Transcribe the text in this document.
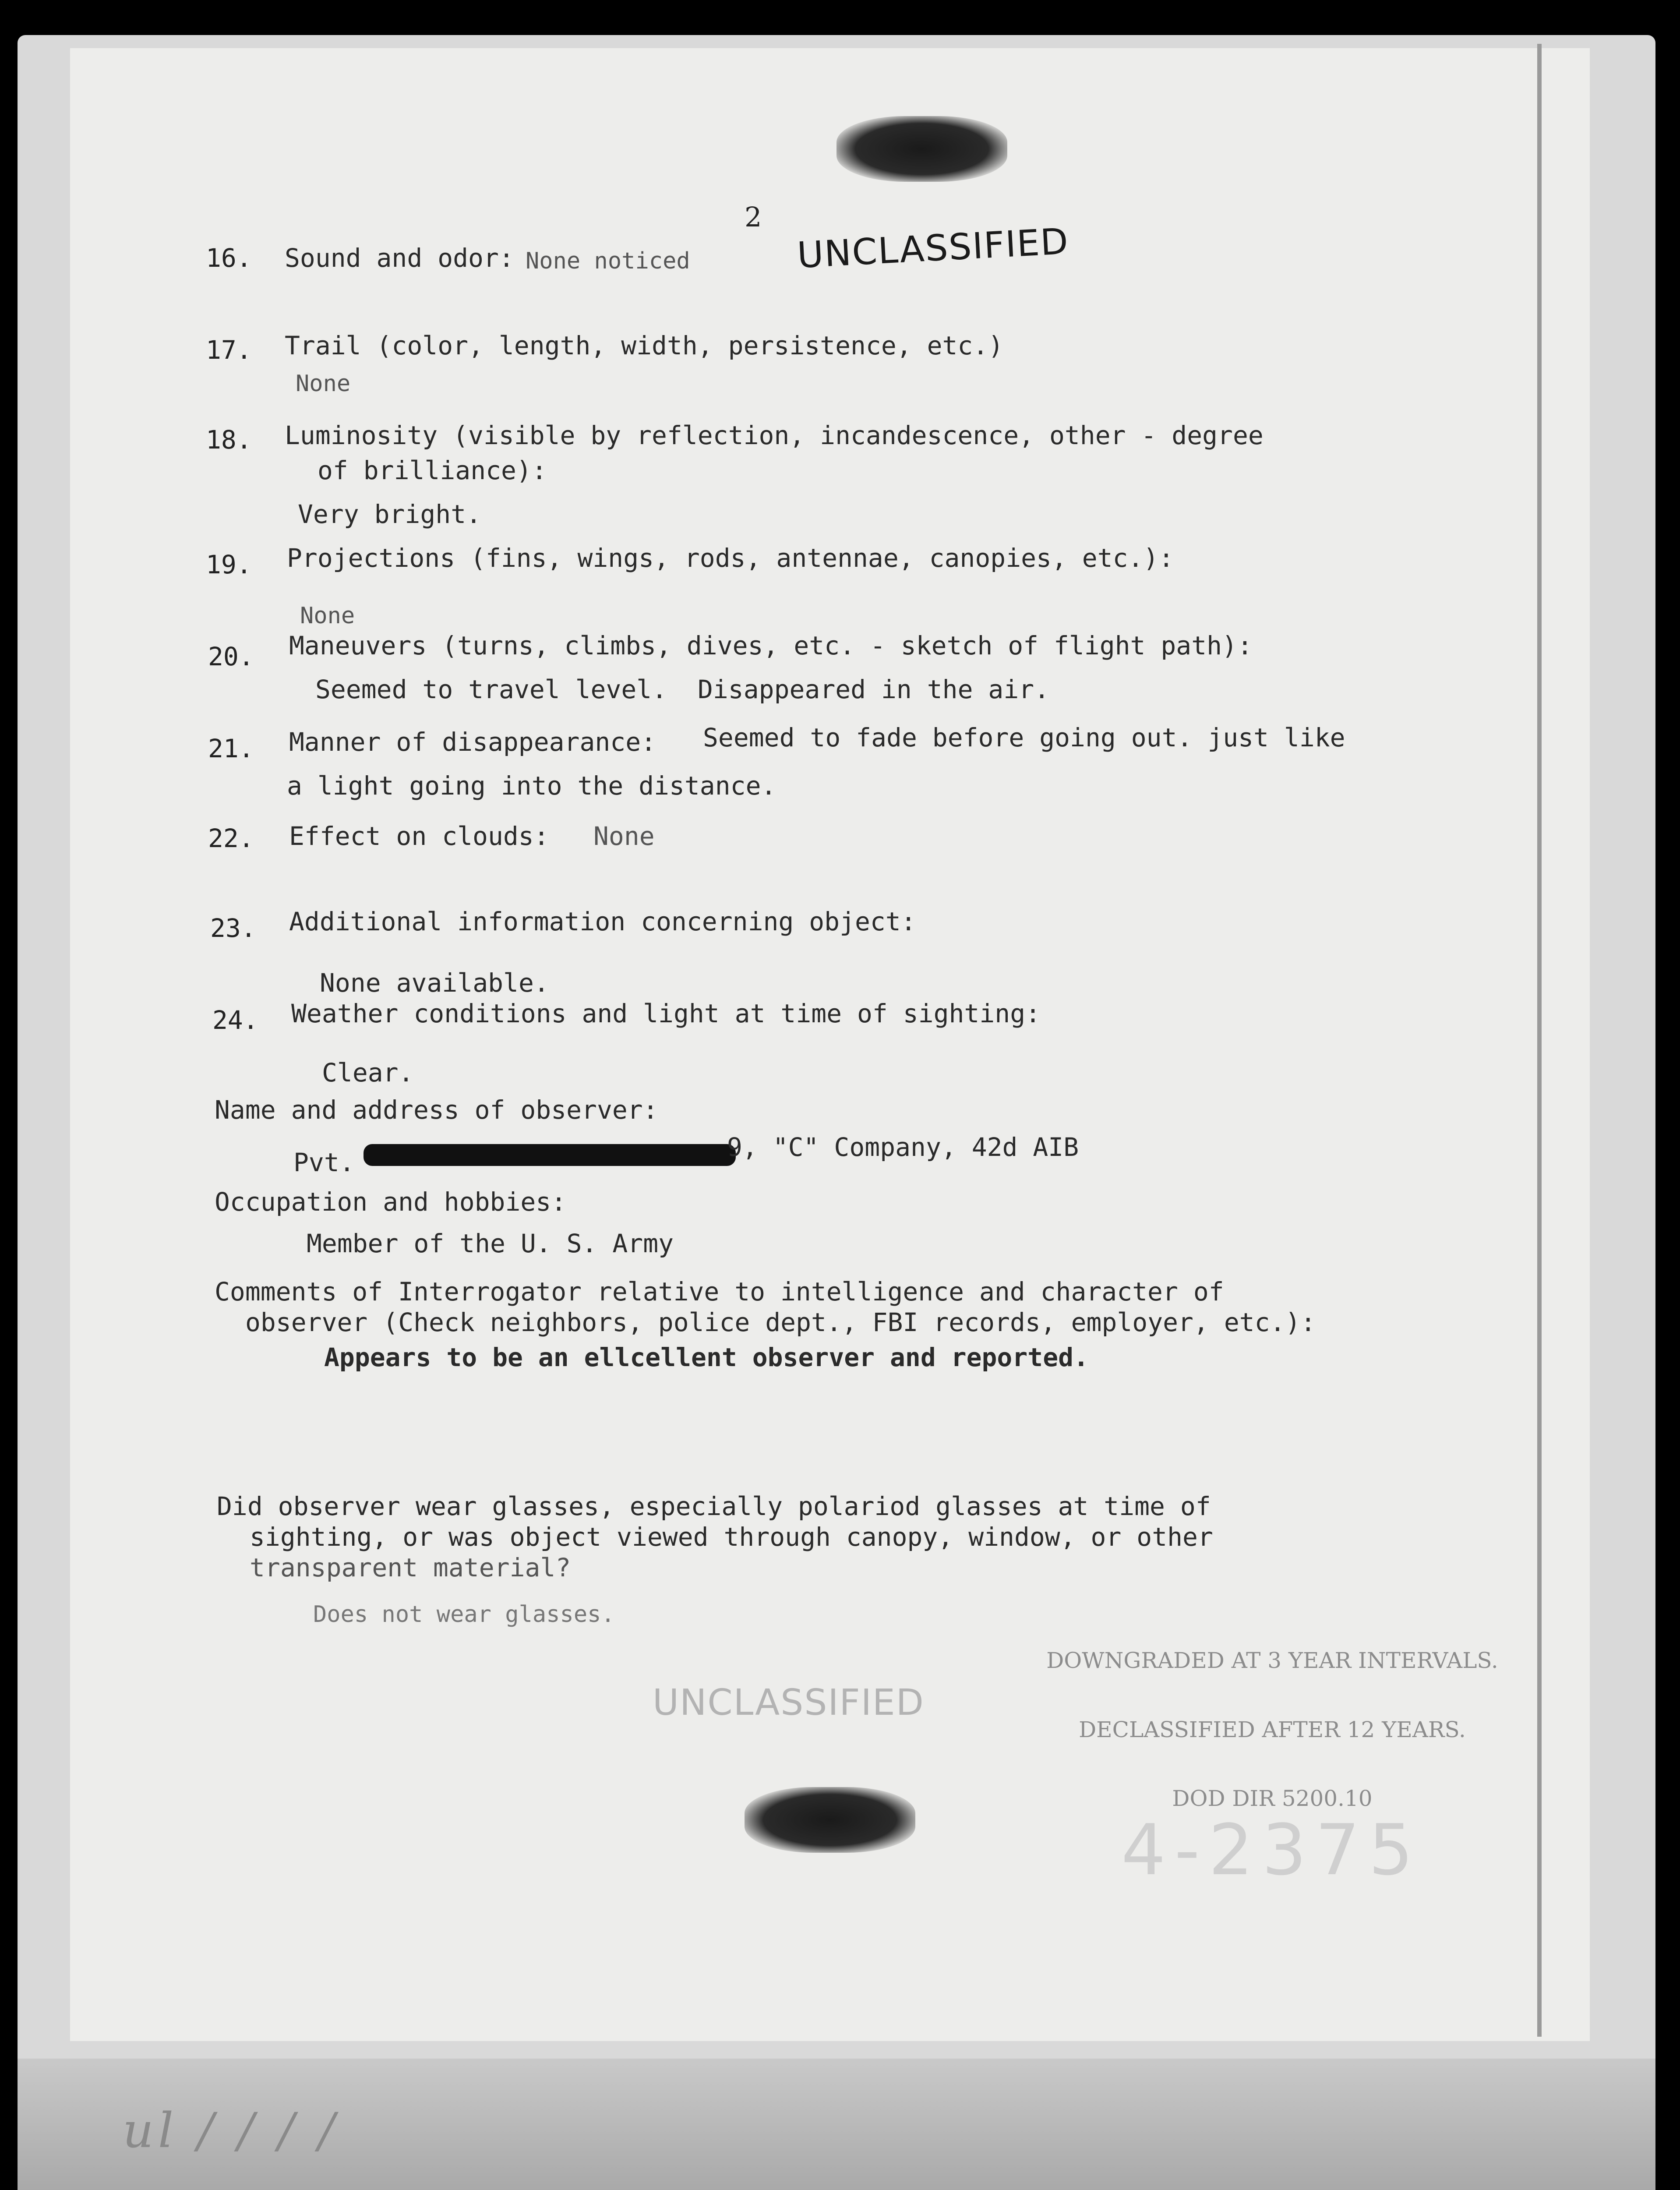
2
UNCLASSIFIED
16. Sound and odor: None noticed
17. Trail (color, length, width, persistence, etc.)
None
18. Luminosity (visible by reflection, incandescence, other - degree
of brilliance):
Very bright.
19. Projections (fins, wings, rods, antennae, canopies, etc.):
None
20. Maneuvers (turns, climbs, dives, etc. - sketch of flight path):
Seemed to travel level.  Disappeared in the air.
21. Manner of disappearance: Seemed to fade before going out. just like
a light going into the distance.
22. Effect on clouds: None
23. Additional information concerning object:
None available.
24. Weather conditions and light at time of sighting:
Clear.
Name and address of observer:
Pvt.
9, "C" Company, 42d AIB
Occupation and hobbies:
Member of the U. S. Army
Comments of Interrogator relative to intelligence and character of
observer (Check neighbors, police dept., FBI records, employer, etc.):
Appears to be an ellcellent observer and reported.
Did observer wear glasses, especially polariod glasses at time of
sighting, or was object viewed through canopy, window, or other
transparent material?
Does not wear glasses.

DOWNGRADED AT 3 YEAR INTERVALS.

DECLASSIFIED AFTER 12 YEARS.

DOD DIR 5200.10

UNCLASSIFIED
4-2375
ul / / / /
